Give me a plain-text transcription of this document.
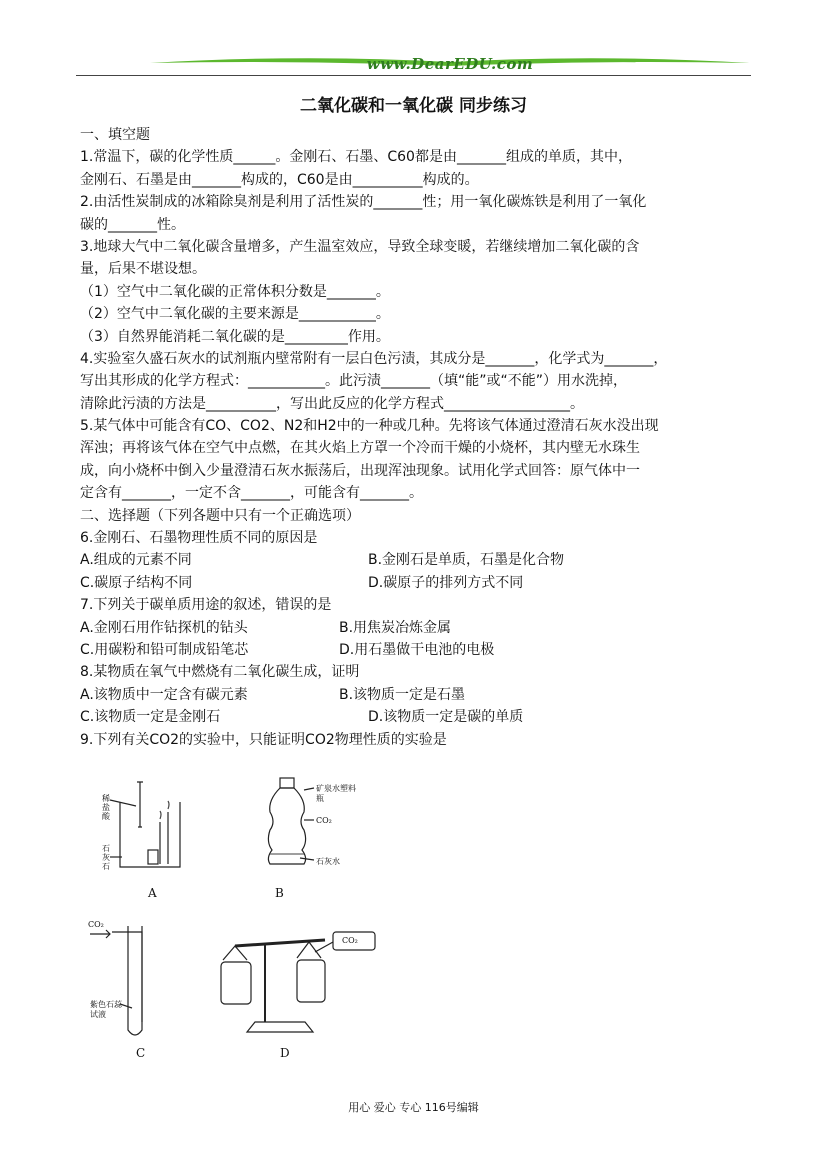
www.DearEDU.com
二氧化碳和一氧化碳 同步练习
一、填空题
1.常温下，碳的化学性质______。金刚石、石墨、C60都是由_______组成的单质，其中，
金刚石、石墨是由_______构成的，C60是由__________构成的。
2.由活性炭制成的冰箱除臭剂是利用了活性炭的_______性；用一氧化碳炼铁是利用了一氧化
碳的_______性。
3.地球大气中二氧化碳含量增多，产生温室效应，导致全球变暖，若继续增加二氧化碳的含
量，后果不堪设想。
（1）空气中二氧化碳的正常体积分数是_______。
（2）空气中二氧化碳的主要来源是___________。
（3）自然界能消耗二氧化碳的是_________作用。
4.实验室久盛石灰水的试剂瓶内壁常附有一层白色污渍，其成分是_______，化学式为_______，
写出其形成的化学方程式：___________。此污渍_______（填“能”或“不能”）用水洗掉，
清除此污渍的方法是__________，写出此反应的化学方程式__________________。
5.某气体中可能含有CO、CO2、N2和H2中的一种或几种。先将该气体通过澄清石灰水没出现
浑浊；再将该气体在空气中点燃，在其火焰上方罩一个冷而干燥的小烧杯，其内壁无水珠生
成，向小烧杯中倒入少量澄清石灰水振荡后，出现浑浊现象。试用化学式回答：原气体中一
定含有_______，一定不含_______，可能含有_______。
二、选择题（下列各题中只有一个正确选项）
6.金刚石、石墨物理性质不同的原因是
A.组成的元素不同	B.金刚石是单质，石墨是化合物
C.碳原子结构不同	D.碳原子的排列方式不同
7.下列关于碳单质用途的叙述，错误的是
A.金刚石用作钻探机的钻头	B.用焦炭冶炼金属
C.用碳粉和铅可制成铅笔芯	D.用石墨做干电池的电极
8.某物质在氧气中燃烧有二氧化碳生成，证明
A.该物质中一定含有碳元素	B.该物质一定是石墨
C.该物质一定是金刚石	D.该物质一定是碳的单质
9.下列有关CO2的实验中，只能证明CO2物理性质的实验是
稀盐酸
石灰石
A
矿泉水塑料瓶
CO₂
石灰水
B
CO₂
紫色石蕊试液
C
CO₂
D
用心 爱心 专心 116号编辑
